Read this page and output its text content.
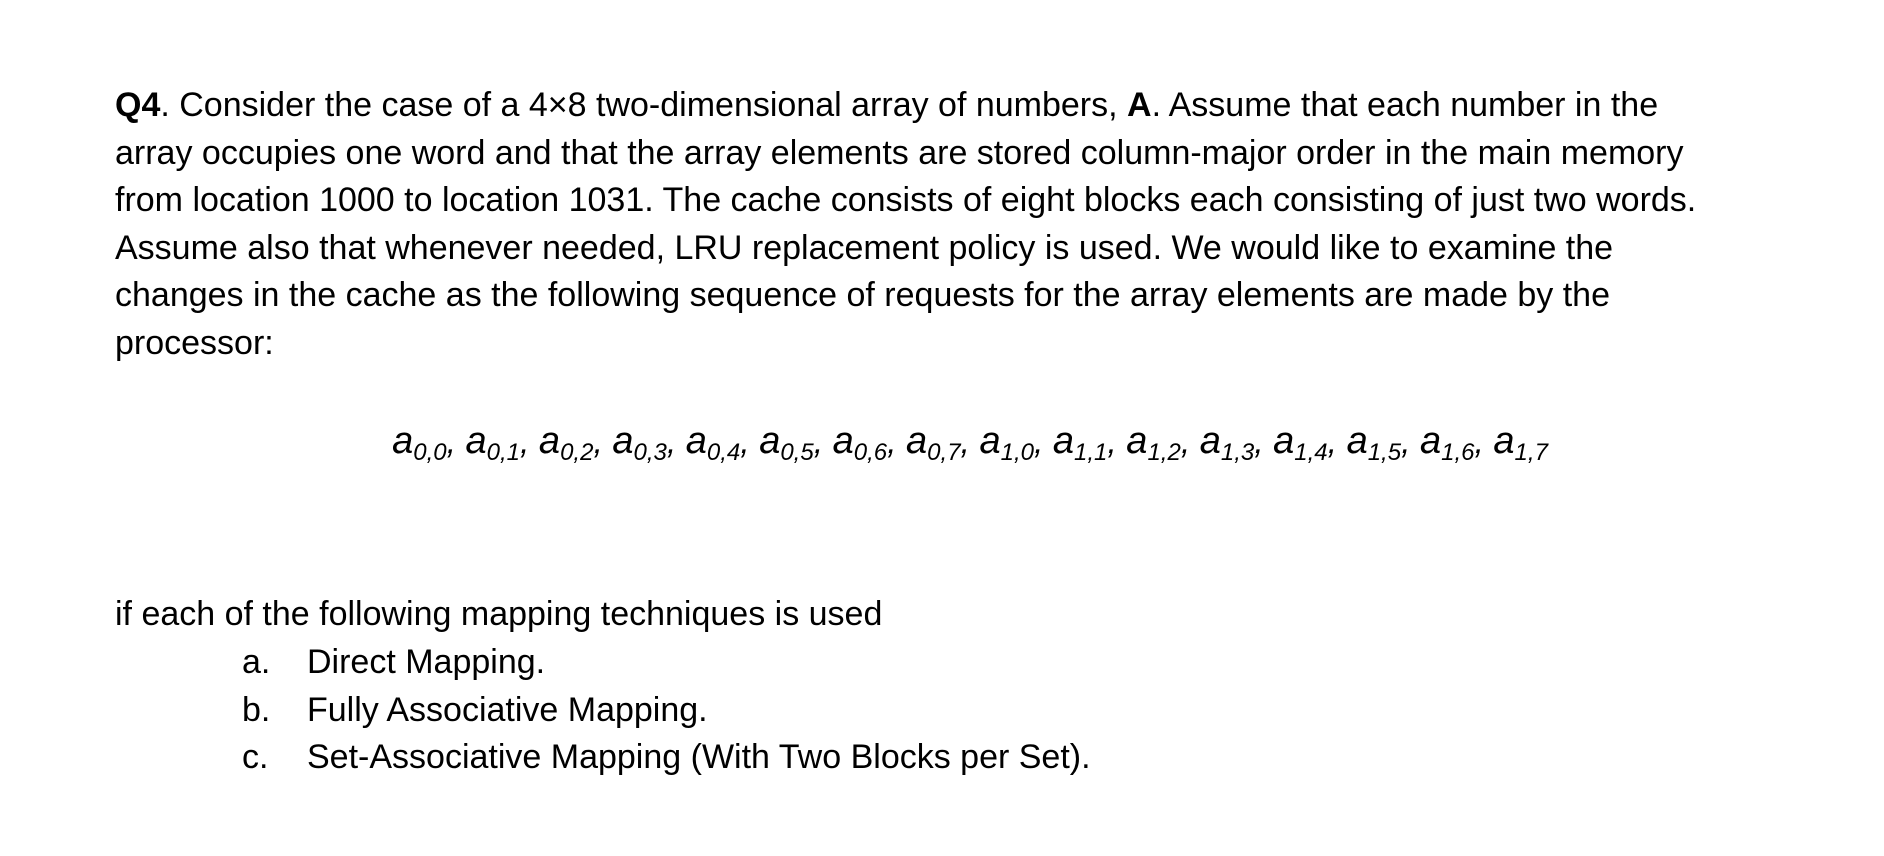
Q4. Consider the case of a 4×8 two-dimensional array of numbers, A. Assume that each number in the
array occupies one word and that the array elements are stored column-major order in the main memory
from location 1000 to location 1031. The cache consists of eight blocks each consisting of just two words.
Assume also that whenever needed, LRU replacement policy is used. We would like to examine the
changes in the cache as the following sequence of requests for the array elements are made by the
processor:

$a_{0,0}$, $a_{0,1}$, $a_{0,2}$, $a_{0,3}$, $a_{0,4}$, $a_{0,5}$, $a_{0,6}$, $a_{0,7}$, $a_{1,0}$, $a_{1,1}$, $a_{1,2}$, $a_{1,3}$, $a_{1,4}$, $a_{1,5}$, $a_{1,6}$, $a_{1,7}$
if each of the following mapping techniques is used
a.	Direct Mapping.
b.	Fully Associative Mapping.
c.	Set-Associative Mapping (With Two Blocks per Set).
